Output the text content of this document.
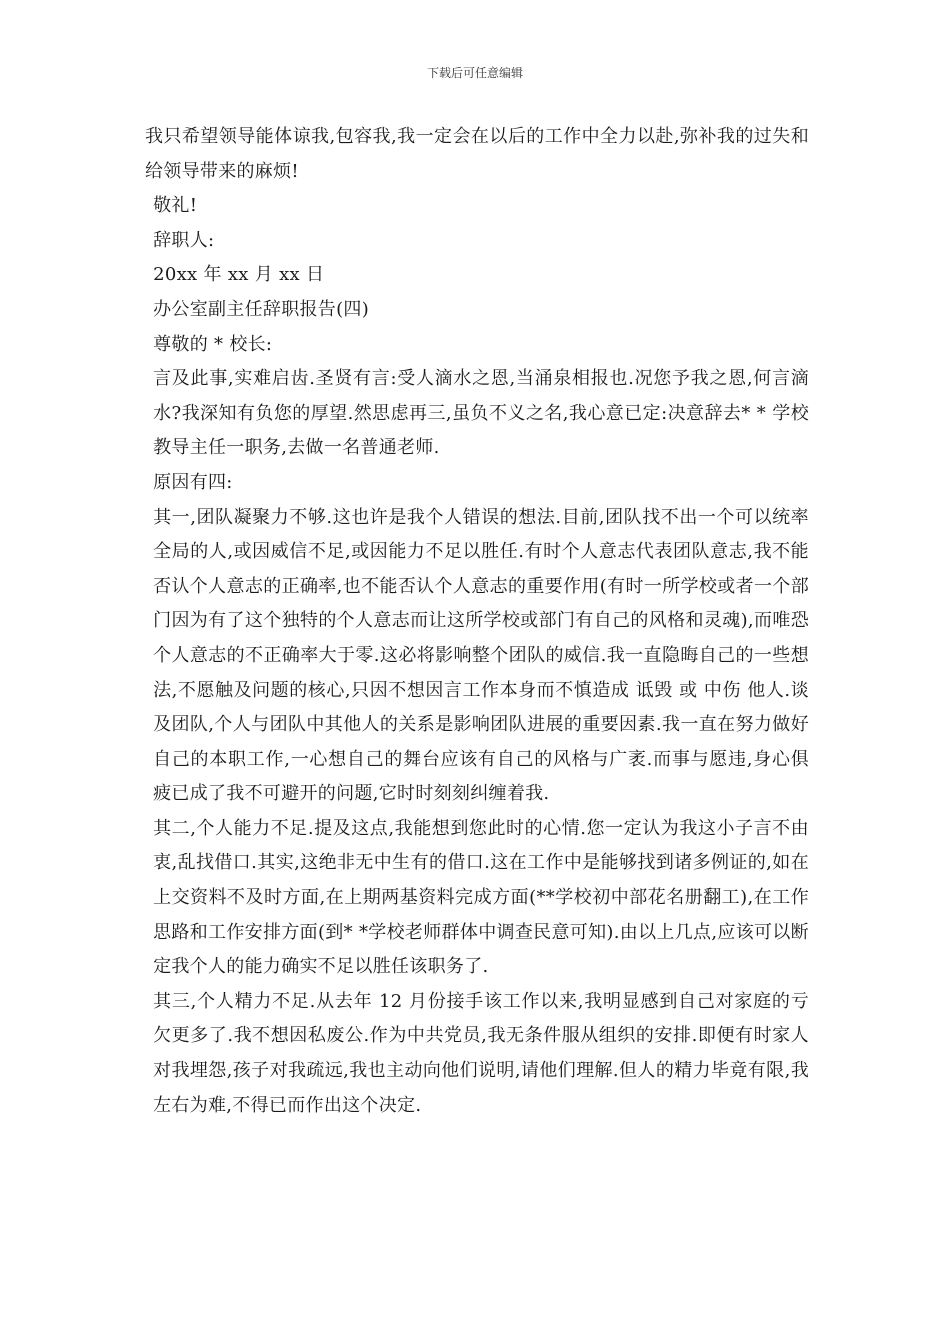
下载后可任意编辑

我只希望领导能体谅我,包容我,我一定会在以后的工作中全力以赴,弥补我的过失和给领导带来的麻烦!

敬礼!

辞职人:

20xx 年 xx 月 xx 日

办公室副主任辞职报告(四)

尊敬的 * 校长:

言及此事,实难启齿.圣贤有言:受人滴水之恩,当涌泉相报也.况您予我之恩,何言滴水?我深知有负您的厚望.然思虑再三,虽负不义之名,我心意已定:决意辞去* * 学校教导主任一职务,去做一名普通老师.

原因有四:

其一,团队凝聚力不够.这也许是我个人错误的想法.目前,团队找不出一个可以统率全局的人,或因威信不足,或因能力不足以胜任.有时个人意志代表团队意志,我不能否认个人意志的正确率,也不能否认个人意志的重要作用(有时一所学校或者一个部门因为有了这个独特的个人意志而让这所学校或部门有自己的风格和灵魂),而唯恐个人意志的不正确率大于零.这必将影响整个团队的威信.我一直隐晦自己的一些想法,不愿触及问题的核心,只因不想因言工作本身而不慎造成 诋毁 或 中伤 他人.谈及团队,个人与团队中其他人的关系是影响团队进展的重要因素.我一直在努力做好自己的本职工作,一心想自己的舞台应该有自己的风格与广袤.而事与愿违,身心俱疲已成了我不可避开的问题,它时时刻刻纠缠着我.

其二,个人能力不足.提及这点,我能想到您此时的心情.您一定认为我这小子言不由衷,乱找借口.其实,这绝非无中生有的借口.这在工作中是能够找到诸多例证的,如在上交资料不及时方面,在上期两基资料完成方面(**学校初中部花名册翻工),在工作思路和工作安排方面(到* *学校老师群体中调查民意可知).由以上几点,应该可以断定我个人的能力确实不足以胜任该职务了.

其三,个人精力不足.从去年 12 月份接手该工作以来,我明显感到自己对家庭的亏欠更多了.我不想因私废公.作为中共党员,我无条件服从组织的安排.即便有时家人对我埋怨,孩子对我疏远,我也主动向他们说明,请他们理解.但人的精力毕竟有限,我左右为难,不得已而作出这个决定.
